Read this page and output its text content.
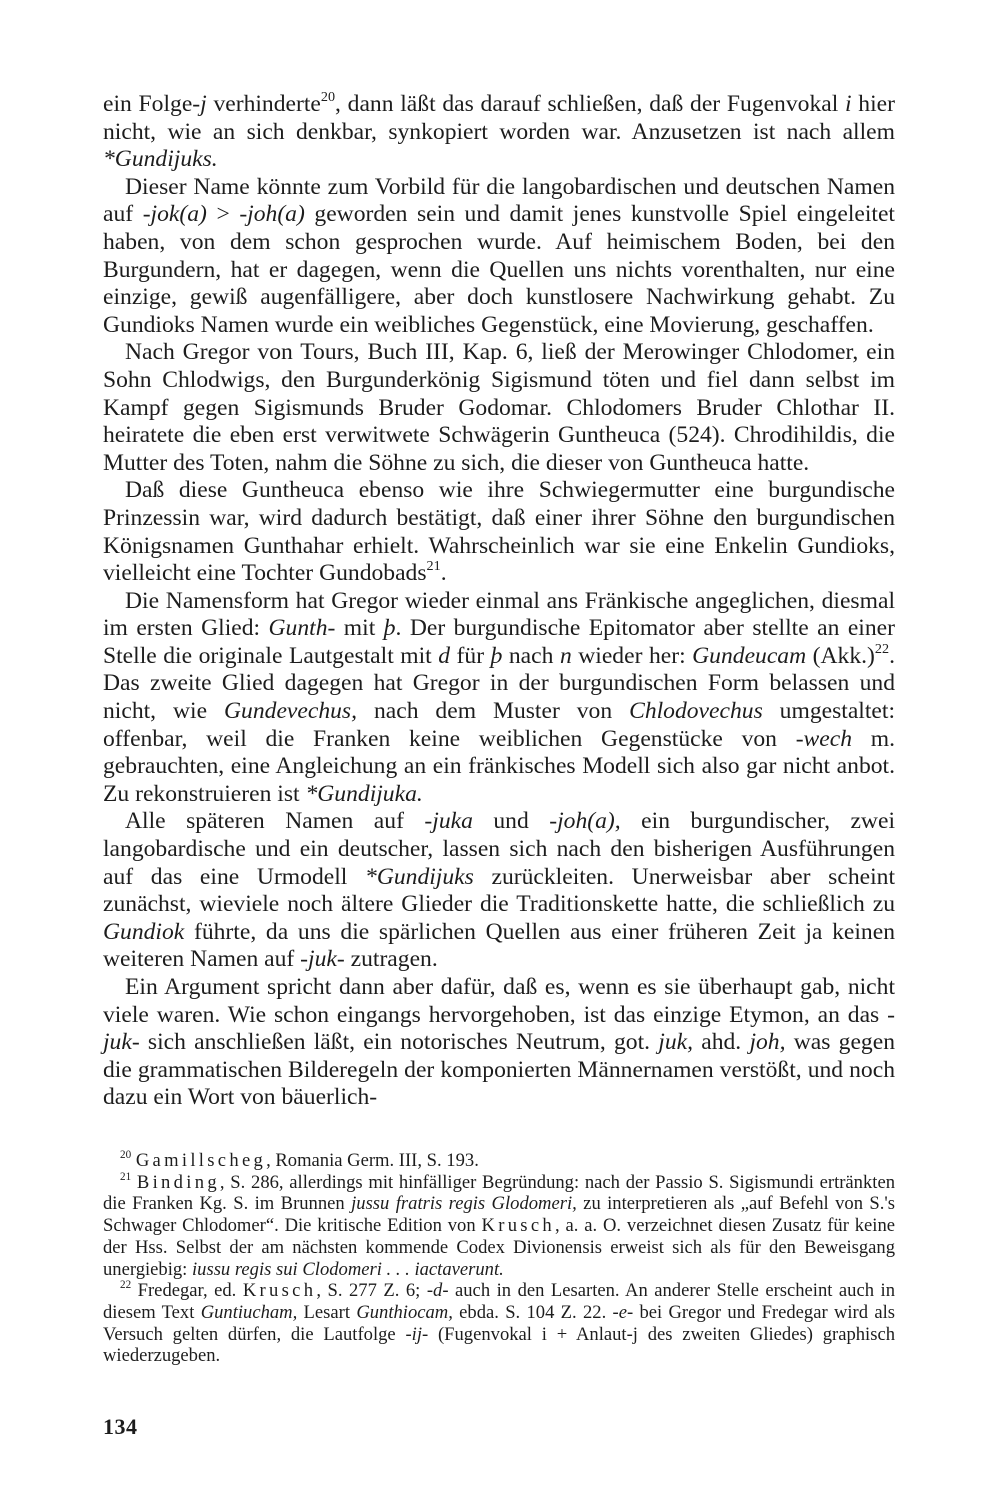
ein Folge-j verhinderte$^{20}$, dann läßt das darauf schließen, daß der Fugenvokal i hier nicht, wie an sich denkbar, synkopiert worden war. Anzusetzen ist nach allem *Gundijuks.

Dieser Name könnte zum Vorbild für die langobardischen und deutschen Namen auf -jok(a) > -joh(a) geworden sein und damit jenes kunstvolle Spiel eingeleitet haben, von dem schon gesprochen wurde. Auf heimischem Boden, bei den Burgundern, hat er dagegen, wenn die Quellen uns nichts vorenthalten, nur eine einzige, gewiß augenfälligere, aber doch kunstlosere Nachwirkung gehabt. Zu Gundioks Namen wurde ein weibliches Gegenstück, eine Movierung, geschaffen.

Nach Gregor von Tours, Buch III, Kap. 6, ließ der Merowinger Chlodomer, ein Sohn Chlodwigs, den Burgunderkönig Sigismund töten und fiel dann selbst im Kampf gegen Sigismunds Bruder Godomar. Chlodomers Bruder Chlothar II. heiratete die eben erst verwitwete Schwägerin Guntheuca (524). Chrodihildis, die Mutter des Toten, nahm die Söhne zu sich, die dieser von Guntheuca hatte.

Daß diese Guntheuca ebenso wie ihre Schwiegermutter eine burgundische Prinzessin war, wird dadurch bestätigt, daß einer ihrer Söhne den burgundischen Königsnamen Gunthahar erhielt. Wahrscheinlich war sie eine Enkelin Gundioks, vielleicht eine Tochter Gundobads$^{21}$.

Die Namensform hat Gregor wieder einmal ans Fränkische angeglichen, diesmal im ersten Glied: Gunth- mit þ. Der burgundische Epitomator aber stellte an einer Stelle die originale Lautgestalt mit d für þ nach n wieder her: Gundeucam $(Akk.)^{22}$. Das zweite Glied dagegen hat Gregor in der burgundischen Form belassen und nicht, wie Gundevechus, nach dem Muster von Chlodovechus umgestaltet: offenbar, weil die Franken keine weiblichen Gegenstücke von -wech m. gebrauchten, eine Angleichung an ein fränkisches Modell sich also gar nicht anbot. Zu rekonstruieren ist *Gundijuka.

Alle späteren Namen auf -juka und -joh(a), ein burgundischer, zwei langobardische und ein deutscher, lassen sich nach den bisherigen Ausführungen auf das eine Urmodell *Gundijuks zurückleiten. Unerweisbar aber scheint zunächst, wieviele noch ältere Glieder die Traditionskette hatte, die schließlich zu Gundiok führte, da uns die spärlichen Quellen aus einer früheren Zeit ja keinen weiteren Namen auf -juk- zutragen.

Ein Argument spricht dann aber dafür, daß es, wenn es sie überhaupt gab, nicht viele waren. Wie schon eingangs hervorgehoben, ist das einzige Etymon, an das -juk- sich anschließen läßt, ein notorisches Neutrum, got. juk, ahd. joh, was gegen die grammatischen Bilderegeln der komponierten Männernamen verstößt, und noch dazu ein Wort von bäuerlich-

$^{20}$ Gamillscheg, Romania Germ. III, S. 193.

$^{21}$ Binding, S. 286, allerdings mit hinfälliger Begründung: nach der Passio S. Sigismundi ertränkten die Franken Kg. S. im Brunnen jussu fratris regis Glodomeri, zu interpretieren als „auf Befehl von S.'s Schwager Chlodomer“. Die kritische Edition von Krusch, a. a. O. verzeichnet diesen Zusatz für keine der Hss. Selbst der am nächsten kommende Codex Divionensis erweist sich als für den Beweisgang unergiebig: iussu regis sui Clodomeri . . . iactaverunt.

$^{22}$ Fredegar, ed. Krusch, S. 277 Z. 6; -d- auch in den Lesarten. An anderer Stelle erscheint auch in diesem Text Guntiucham, Lesart Gunthiocam, ebda. S. 104 Z. 22. -e- bei Gregor und Fredegar wird als Versuch gelten dürfen, die Lautfolge -ij- (Fugenvokal i + Anlaut-j des zweiten Gliedes) graphisch wiederzugeben.

134
